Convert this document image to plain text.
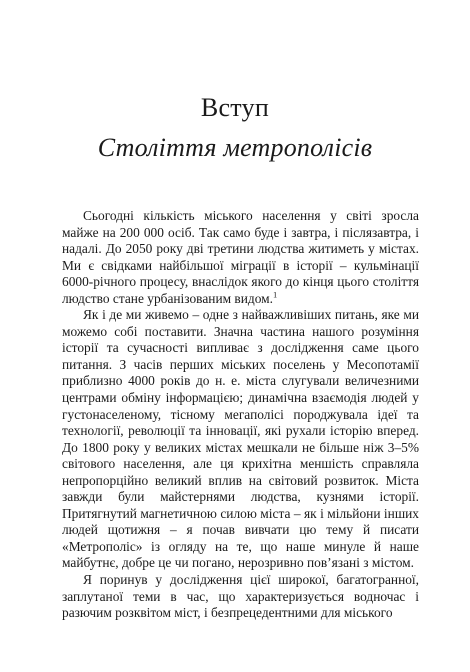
Вступ
Століття метрополісів

Сьогодні кількість міського населення у світі зросла майже на 200 000 осіб. Так само буде і завтра, і післязавтра, і надалі. До 2050 року дві третини людства житиметь у містах. Ми є свідками найбільшої міграції в історії – кульмінації 6000-річного процесу, внаслідок якого до кінця цього століття людство стане урбанізованим видом.$^1$

Як і де ми живемо – одне з найважливіших питань, яке ми можемо собі поставити. Значна частина нашого розуміння історії та сучасності випливає з дослідження саме цього питання. З часів перших міських поселень у Месопотамії приблизно 4000 років до н. е. міста слугували величезними центрами обміну інформацією; динамічна взаємодія людей у густонаселеному, тісному мегаполісі породжувала ідеї та технології, революції та інновації, які рухали історію вперед. До 1800 року у великих містах мешкали не більше ніж 3–5% світового населення, але ця крихітна меншість справляла непропорційно великий вплив на світовий розвиток. Міста завжди були майстернями людства, кузнями історії. Притягнутий магнетичною силою міста – як і мільйони інших людей щотижня – я почав вивчати цю тему й писати «Метрополіс» із огляду на те, що наше минуле й наше майбутнє, добре це чи погано, нерозривно пов’язані з містом.

Я поринув у дослідження цієї широкої, багатогранної, заплутаної теми в час, що характеризується водночас і разючим розквітом міст, і безпрецедентними для міського
